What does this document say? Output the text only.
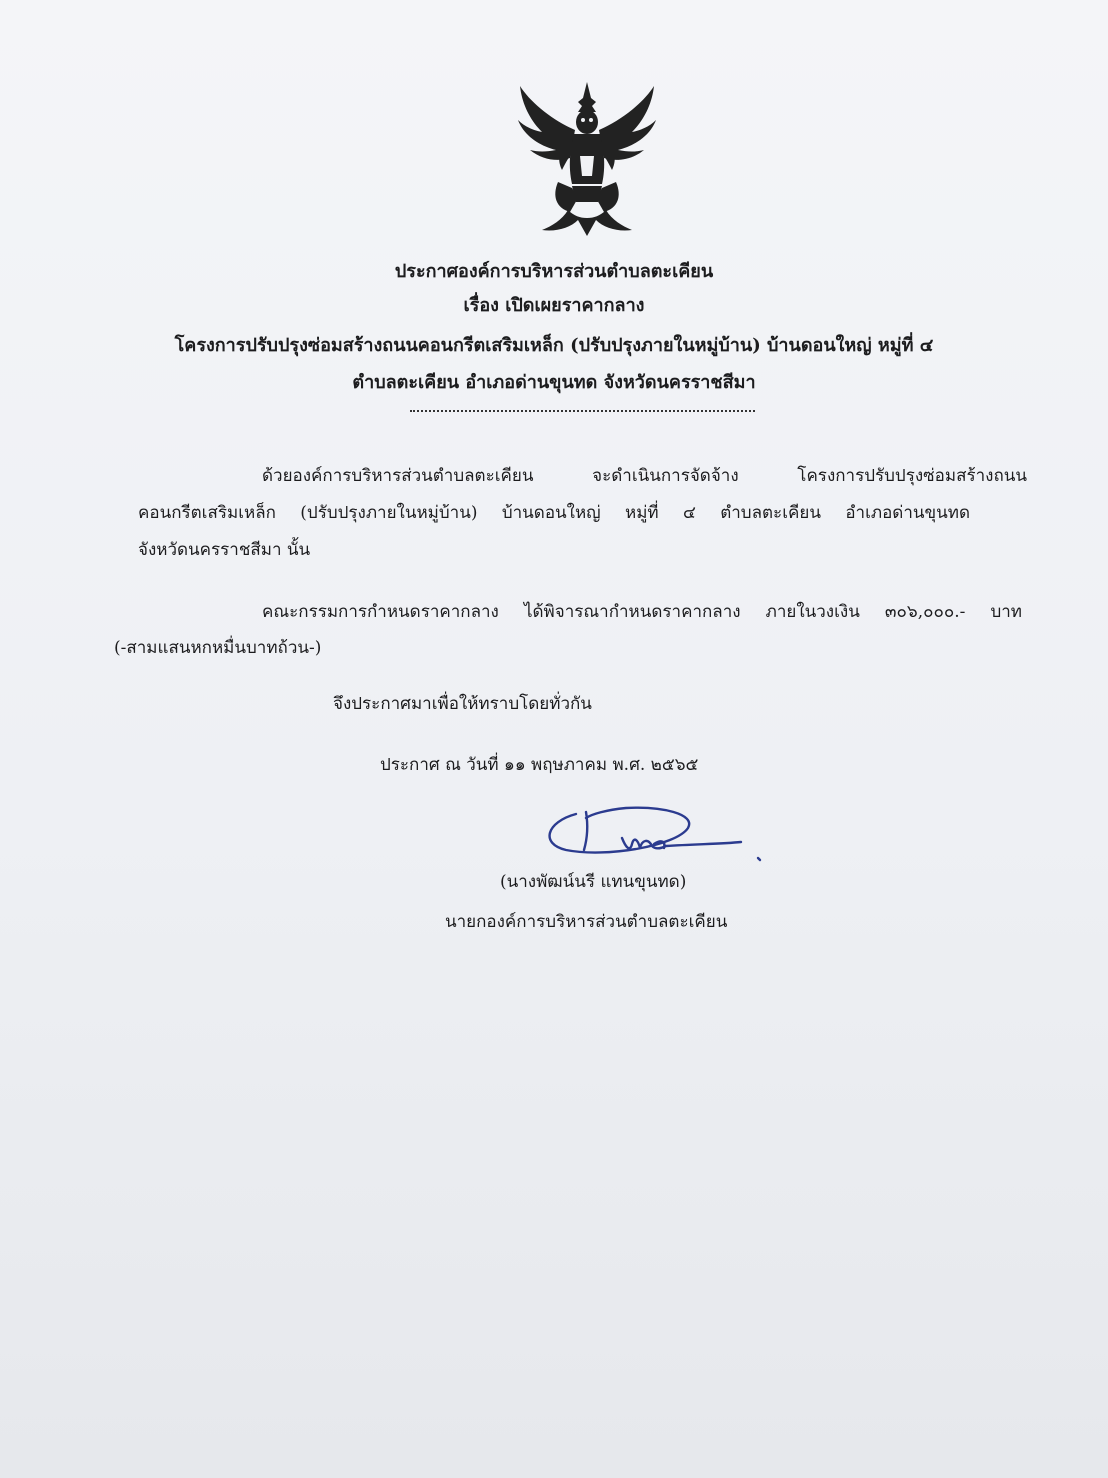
ประกาศองค์การบริหารส่วนตำบลตะเคียน
เรื่อง เปิดเผยราคากลาง
โครงการปรับปรุงซ่อมสร้างถนนคอนกรีตเสริมเหล็ก (ปรับปรุงภายในหมู่บ้าน) บ้านดอนใหญ่ หมู่ที่ ๔
ตำบลตะเคียน อำเภอด่านขุนทด จังหวัดนครราชสีมา
ด้วยองค์การบริหารส่วนตำบลตะเคียน จะดำเนินการจัดจ้าง โครงการปรับปรุงซ่อมสร้างถนน
คอนกรีตเสริมเหล็ก (ปรับปรุงภายในหมู่บ้าน) บ้านดอนใหญ่ หมู่ที่ ๔ ตำบลตะเคียน อำเภอด่านขุนทด
จังหวัดนครราชสีมา นั้น
คณะกรรมการกำหนดราคากลาง ได้พิจารณากำหนดราคากลาง ภายในวงเงิน ๓๐๖,๐๐๐.- บาท
(-สามแสนหกหมื่นบาทถ้วน-)
จึงประกาศมาเพื่อให้ทราบโดยทั่วกัน
ประกาศ ณ วันที่ ๑๑ พฤษภาคม พ.ศ. ๒๕๖๕
(นางพัฒน์นรี แทนขุนทด)
นายกองค์การบริหารส่วนตำบลตะเคียน
